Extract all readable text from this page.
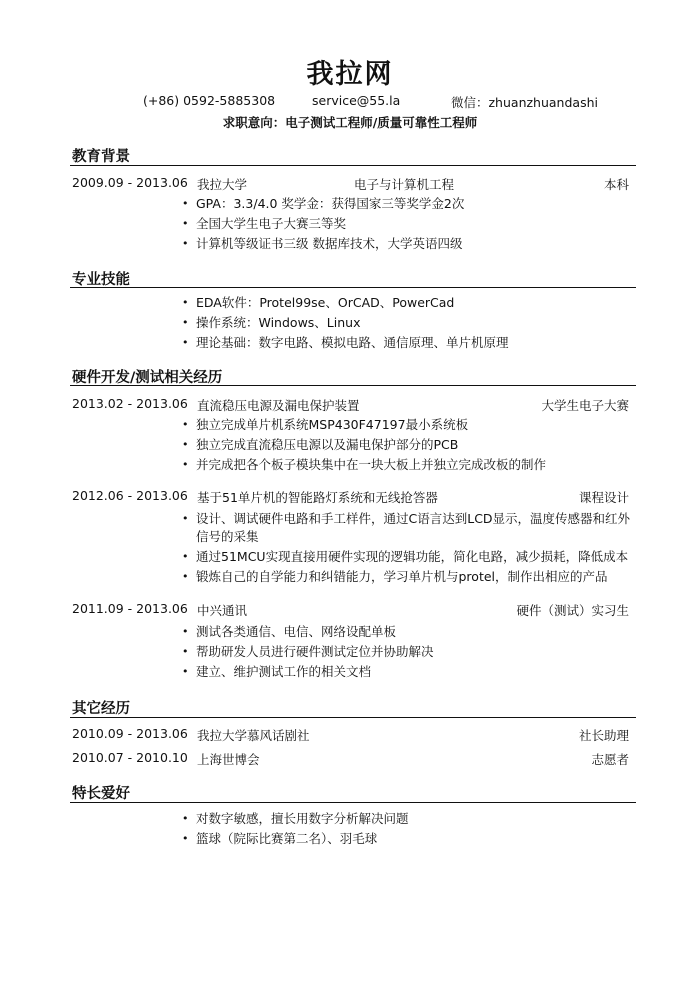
我拉网
(+86) 0592-5885308	service@55.la	微信：zhuanzhuandashi
求职意向：电子测试工程师/质量可靠性工程师
教育背景
2009.09 - 2013.06 我拉大学	电子与计算机工程	本科
• GPA：3.3/4.0 奖学金：获得国家三等奖学金2次
• 全国大学生电子大赛三等奖
• 计算机等级证书三级 数据库技术，大学英语四级
专业技能
• EDA软件：Protel99se、OrCAD、PowerCad
• 操作系统：Windows、Linux
• 理论基础：数字电路、模拟电路、通信原理、单片机原理
硬件开发/测试相关经历
2013.02 - 2013.06 直流稳压电源及漏电保护装置	大学生电子大赛
• 独立完成单片机系统MSP430F47197最小系统板
• 独立完成直流稳压电源以及漏电保护部分的PCB
• 并完成把各个板子模块集中在一块大板上并独立完成改板的制作
2012.06 - 2013.06 基于51单片机的智能路灯系统和无线抢答器	课程设计
• 设计、调试硬件电路和手工样件，通过C语言达到LCD显示，温度传感器和红外信号的采集
• 通过51MCU实现直接用硬件实现的逻辑功能，简化电路，减少损耗，降低成本
• 锻炼自己的自学能力和纠错能力，学习单片机与protel，制作出相应的产品
2011.09 - 2013.06 中兴通讯	硬件（测试）实习生
• 测试各类通信、电信、网络设配单板
• 帮助研发人员进行硬件测试定位并协助解决
• 建立、维护测试工作的相关文档
其它经历
2010.09 - 2013.06 我拉大学慕风话剧社	社长助理
2010.07 - 2010.10 上海世博会	志愿者
特长爱好
• 对数字敏感，擅长用数字分析解决问题
• 篮球（院际比赛第二名）、羽毛球
